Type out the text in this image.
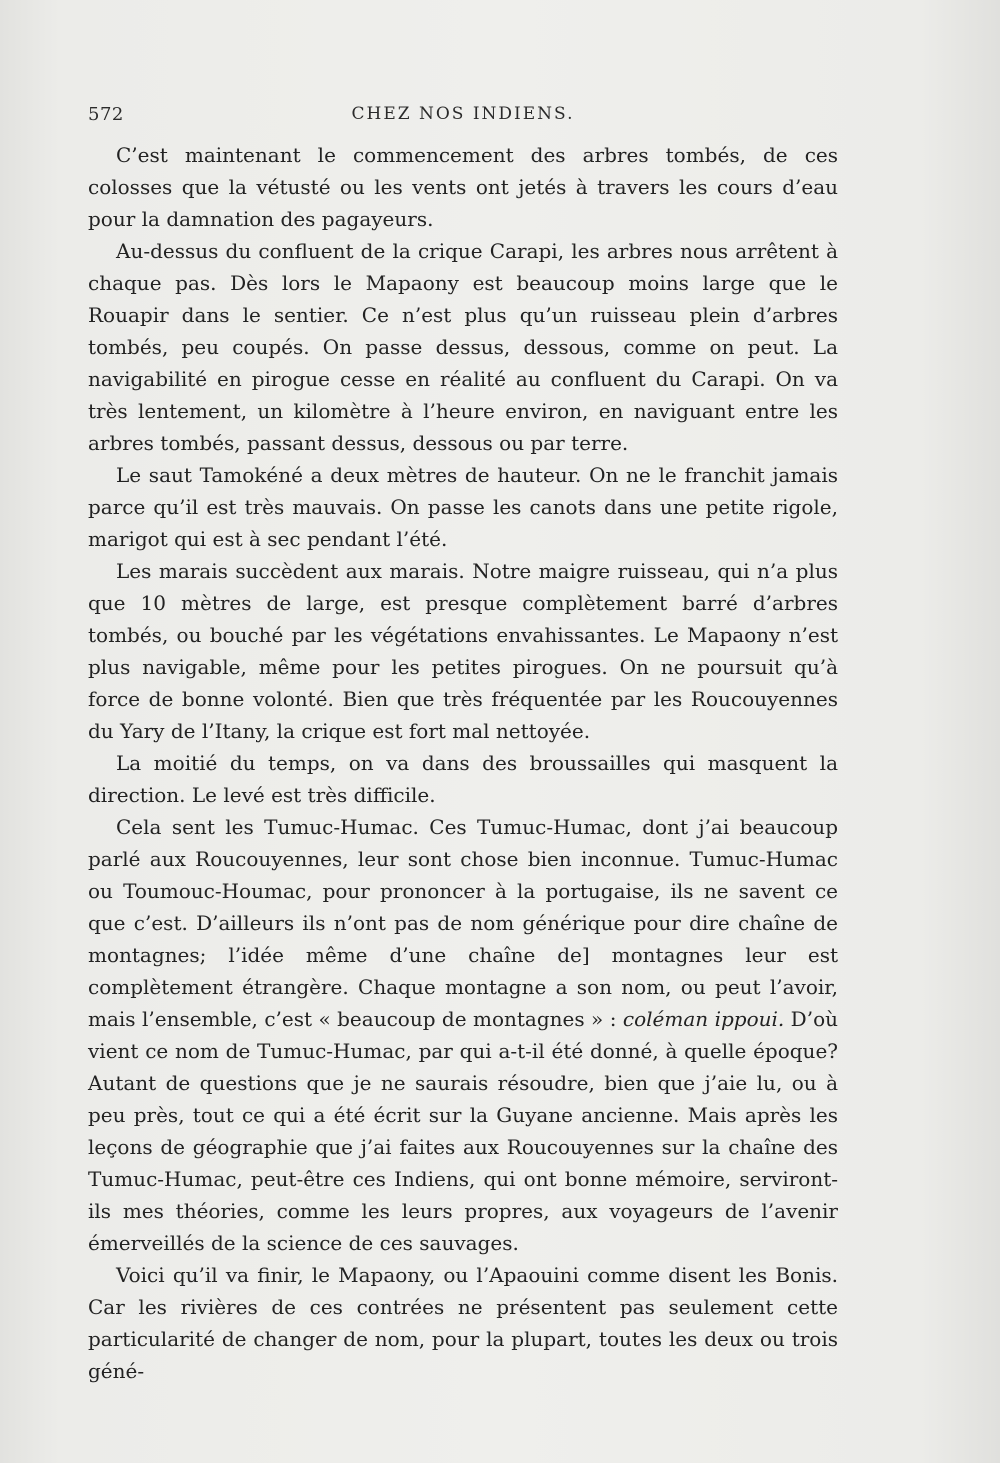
572	CHEZ NOS INDIENS.

C’est maintenant le commencement des arbres tombés, de ces colosses que la vétusté ou les vents ont jetés à travers les cours d’eau pour la damnation des pagayeurs.

Au-dessus du confluent de la crique Carapi, les arbres nous arrêtent à chaque pas. Dès lors le Mapaony est beaucoup moins large que le Rouapir dans le sentier. Ce n’est plus qu’un ruisseau plein d’arbres tombés, peu coupés. On passe dessus, dessous, comme on peut. La navigabilité en pirogue cesse en réalité au confluent du Carapi. On va très lentement, un kilomètre à l’heure environ, en naviguant entre les arbres tombés, passant dessus, dessous ou par terre.

Le saut Tamokéné a deux mètres de hauteur. On ne le franchit jamais parce qu’il est très mauvais. On passe les canots dans une petite rigole, marigot qui est à sec pendant l’été.

Les marais succèdent aux marais. Notre maigre ruisseau, qui n’a plus que 10 mètres de large, est presque complètement barré d’arbres tombés, ou bouché par les végétations envahissantes. Le Mapaony n’est plus navigable, même pour les petites pirogues. On ne poursuit qu’à force de bonne volonté. Bien que très fréquentée par les Roucouyennes du Yary de l’Itany, la crique est fort mal nettoyée.

La moitié du temps, on va dans des broussailles qui masquent la direction. Le levé est très difficile.

Cela sent les Tumuc-Humac. Ces Tumuc-Humac, dont j’ai beaucoup parlé aux Roucouyennes, leur sont chose bien inconnue. Tumuc-Humac ou Toumouc-Houmac, pour prononcer à la portugaise, ils ne savent ce que c’est. D’ailleurs ils n’ont pas de nom générique pour dire chaîne de montagnes; l’idée même d’une chaîne de] montagnes leur est complètement étrangère. Chaque montagne a son nom, ou peut l’avoir, mais l’ensemble, c’est « beaucoup de montagnes » : coléman ippoui. D’où vient ce nom de Tumuc-Humac, par qui a-t-il été donné, à quelle époque? Autant de questions que je ne saurais résoudre, bien que j’aie lu, ou à peu près, tout ce qui a été écrit sur la Guyane ancienne. Mais après les leçons de géographie que j’ai faites aux Roucouyennes sur la chaîne des Tumuc-Humac, peut-être ces Indiens, qui ont bonne mémoire, serviront-ils mes théories, comme les leurs propres, aux voyageurs de l’avenir émerveillés de la science de ces sauvages.

Voici qu’il va finir, le Mapaony, ou l’Apaouini comme disent les Bonis. Car les rivières de ces contrées ne présentent pas seulement cette particularité de changer de nom, pour la plupart, toutes les deux ou trois géné-
